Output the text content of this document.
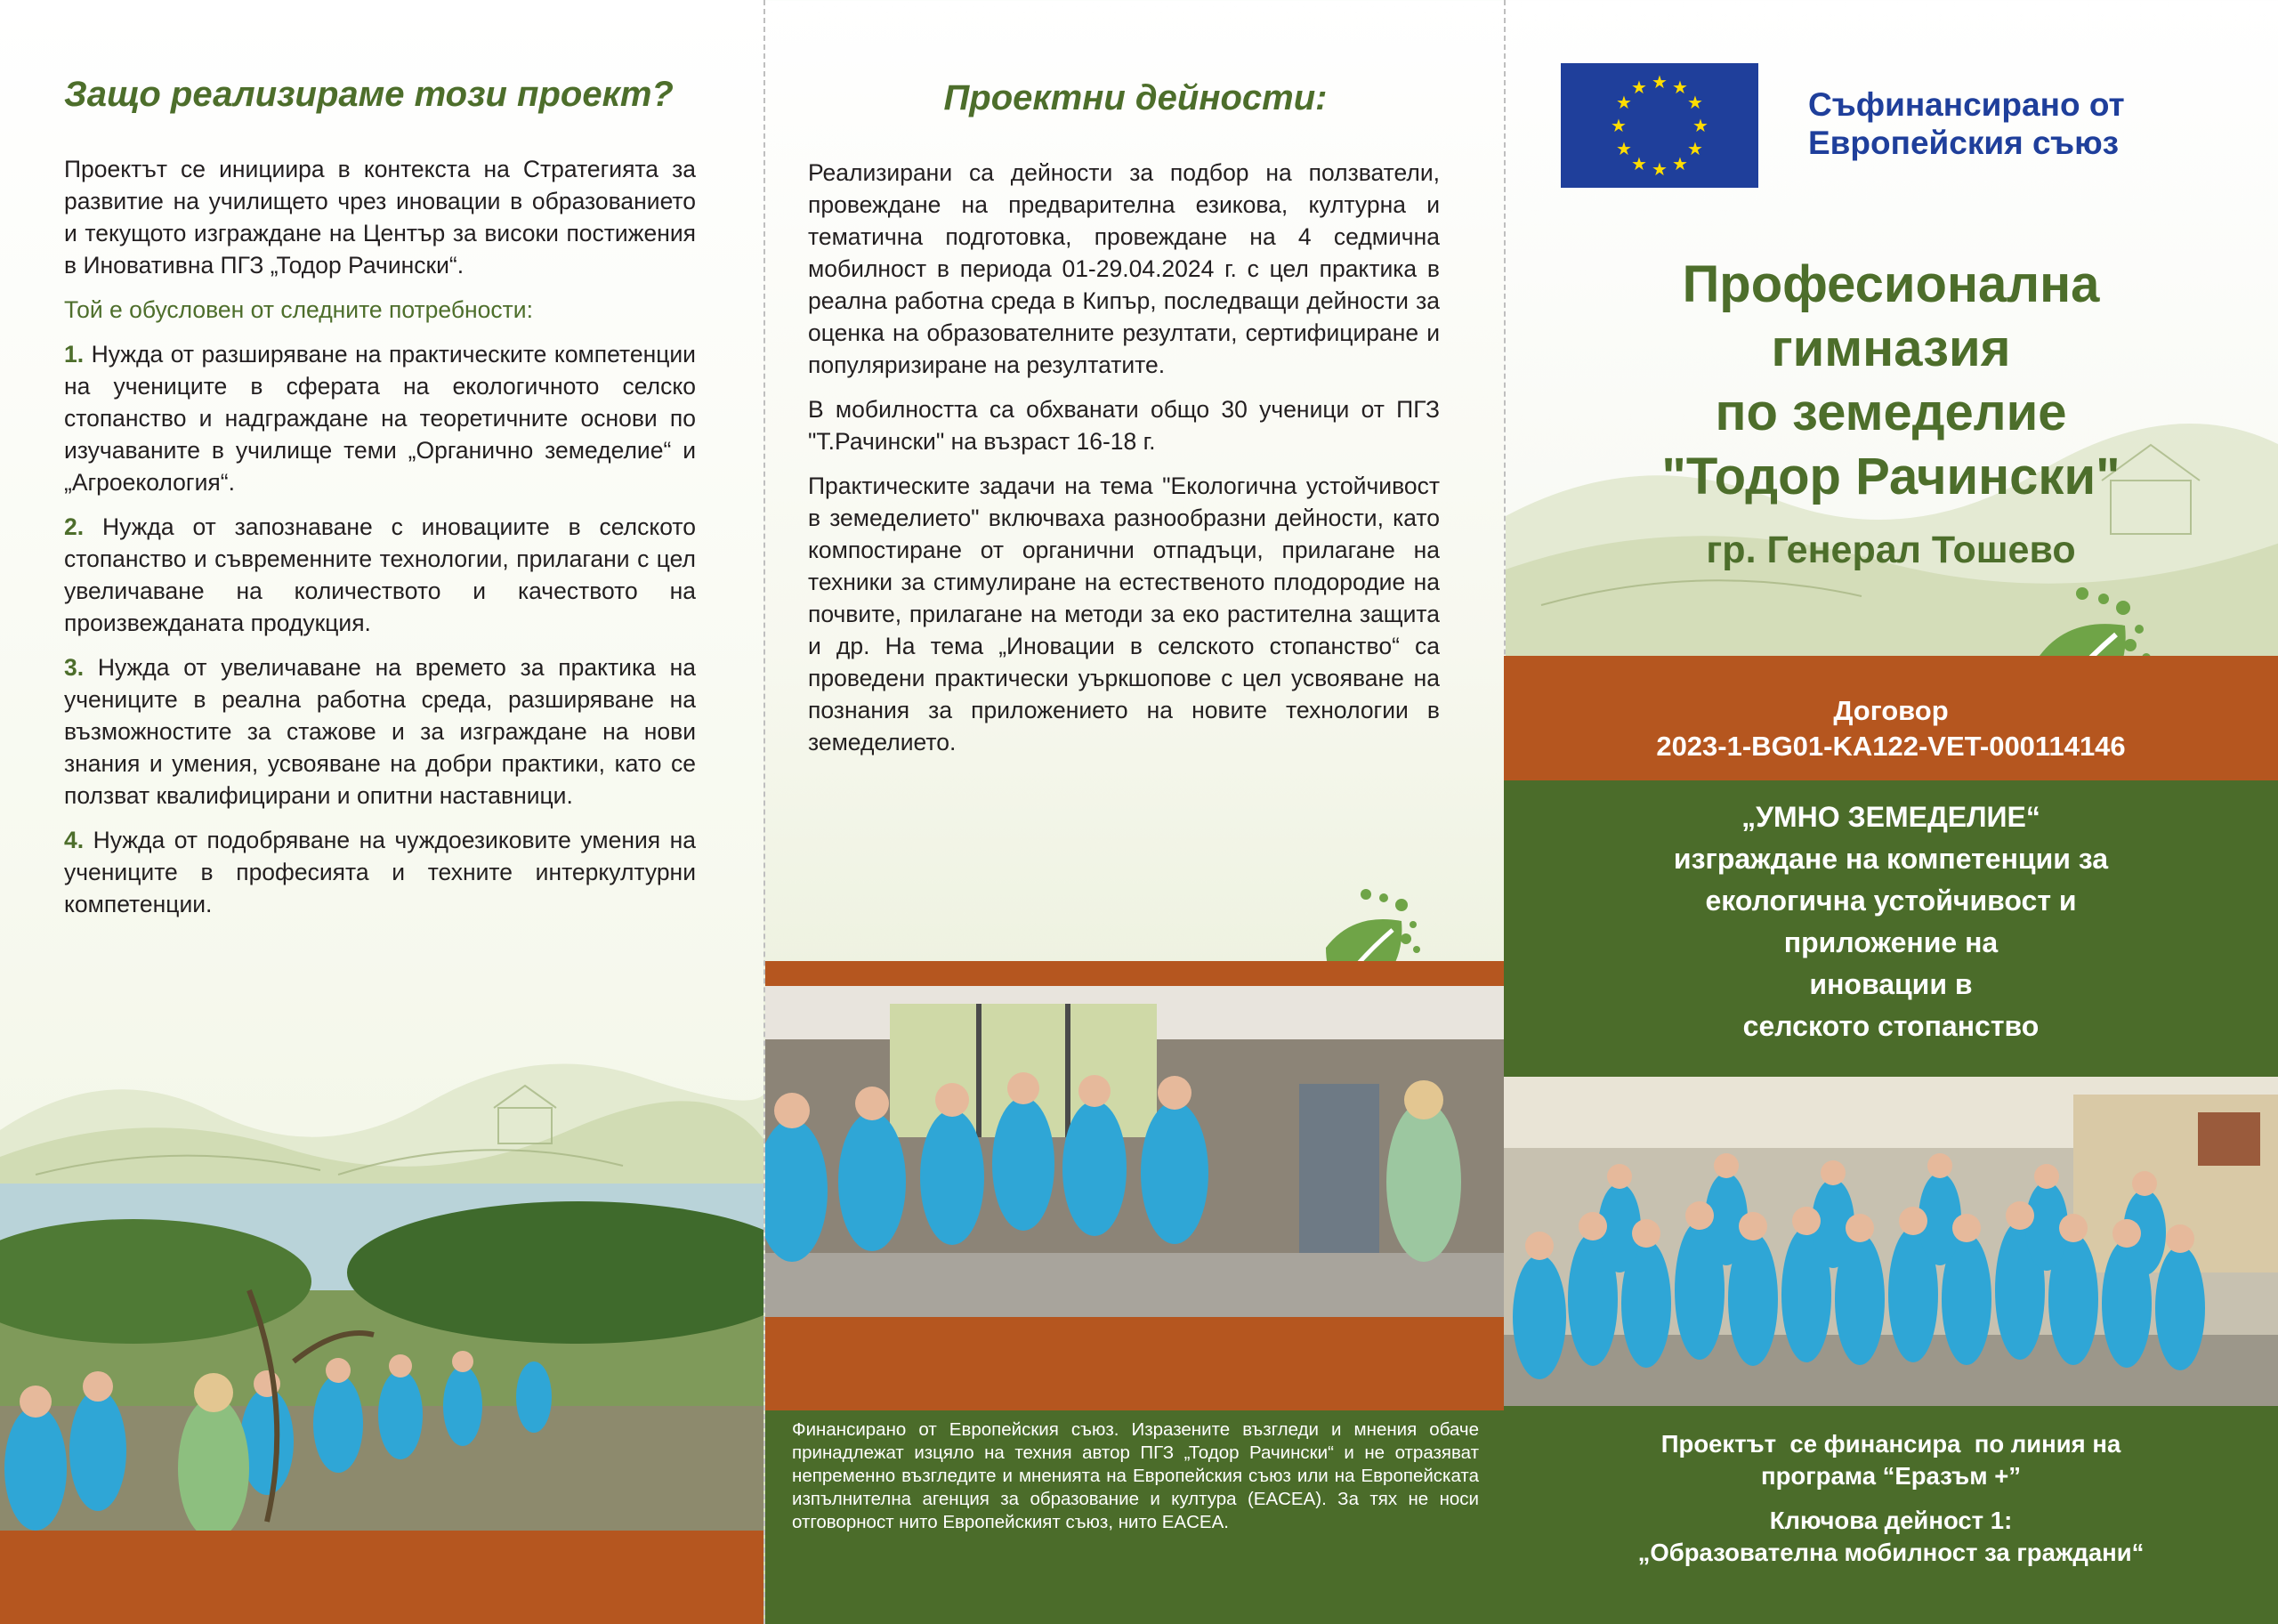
Защо реализираме този проект?

Проектът се инициира в контекста на Стратегията за развитие на училището чрез иновации в образованието и текущото изграждане на Център за високи постижения в Иновативна ПГЗ „Тодор Рачински“.

Той е обусловен от следните потребности:

1. Нужда от разширяване на практическите компетенции на учениците в сферата на екологичното селско стопанство и надграждане на теоретичните основи по изучаваните в училище теми „Органично земеделие“ и „Агроекология“.

2. Нужда от запознаване с иновациите в селското стопанство и съвременните технологии, прилагани с цел увеличаване на количеството и качеството на произвежданата продукция.

3. Нужда от увеличаване на времето за практика на учениците в реална работна среда, разширяване на възможностите за стажове и за изграждане на нови знания и умения, усвояване на добри практики, като се ползват квалифицирани и опитни наставници.

4. Нужда от подобряване на чуждоезиковите умения на учениците в професията и техните интеркултурни компетенции.

Проектни дейности:

Реализирани са дейности за подбор на ползватели, провеждане на предварителна езикова, културна и тематична подготовка, провеждане на 4 седмична мобилност в периода 01-29.04.2024 г. с цел практика в реална работна среда в Кипър, последващи дейности за оценка на образователните резултати, сертифициране и популяризиране на резултатите.

В мобилността са обхванати общо 30 ученици от ПГЗ "Т.Рачински" на възраст 16-18 г.

Практическите задачи на тема "Екологична устойчивост в земеделието" включваха разнообразни дейности, като компостиране от органични отпадъци, прилагане на техники за стимулиране на естественото плодородие на почвите, прилагане на методи за еко растителна защита и др. На тема „Иновации в селското стопанство“ са проведени практически уъркшопове с цел усвояване на познания за приложението на новите технологии в земеделието.

Финансирано от Европейския съюз. Изразените възгледи и мнения обаче принадлежат изцяло на техния автор ПГЗ „Тодор Рачински“ и не отразяват непременно възгледите и мненията на Европейския съюз или на Европейската изпълнителна агенция за образование и култура (EACEA). За тях не носи отговорност нито Европейският съюз, нито EACEA.
★ ★
★
★
★
★
★
★
★
★
★
★	Съфинансирано от
Европейския съюз
Професионална
гимназия
по земеделие
"Тодор Рачински"
гр. Генерал Тошево
Договор
2023-1-BG01-KA122-VET-000114146
„УМНО ЗЕМЕДЕЛИЕ“
изграждане на компетенции за
екологична устойчивост и
приложение на
иновации в
селското стопанство
Проектът  се финансира  по линия на
програма “Еразъм +”
Ключова дейност 1:
„Образователна мобилност за граждани“
